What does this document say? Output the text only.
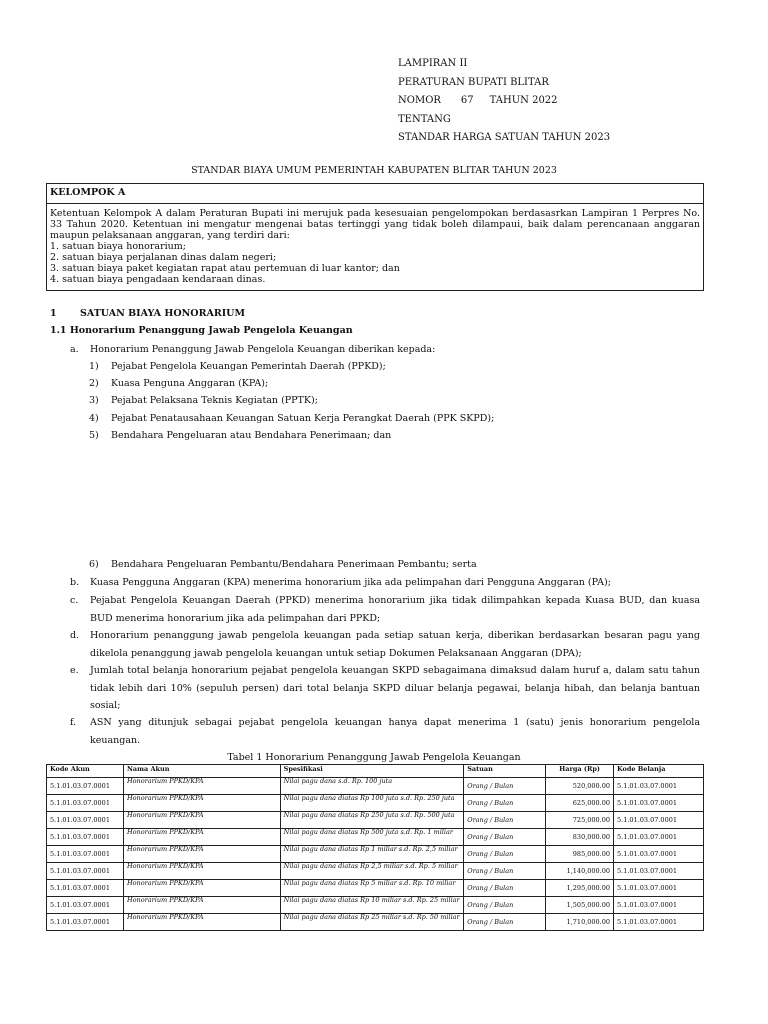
LAMPIRAN II
PERATURAN BUPATI BLITAR
NOMOR 67 TAHUN 2022
TENTANG
STANDAR HARGA SATUAN TAHUN 2023
STANDAR BIAYA UMUM PEMERINTAH KABUPATEN BLITAR TAHUN 2023
KELOMPOK A

Ketentuan Kelompok A dalam Peraturan Bupati ini merujuk pada kesesuaian pengelompokan berdasasrkan Lampiran 1 Perpres No. 33 Tahun 2020. Ketentuan ini mengatur mengenai batas tertinggi yang tidak boleh dilampaui, baik dalam perencanaan anggaran maupun pelaksanaan anggaran, yang terdiri dari:

1. satuan biaya honorarium;

2. satuan biaya perjalanan dinas dalam negeri;

3. satuan biaya paket kegiatan rapat atau pertemuan di luar kantor; dan

4. satuan biaya pengadaan kendaraan dinas.

1 SATUAN BIAYA HONORARIUM
1.1 Honorarium Penanggung Jawab Pengelola Keuangan
a. Honorarium Penanggung Jawab Pengelola Keuangan diberikan kepada:
1) Pejabat Pengelola Keuangan Pemerintah Daerah (PPKD);
2) Kuasa Penguna Anggaran (KPA);
3) Pejabat Pelaksana Teknis Kegiatan (PPTK);
4) Pejabat Penatausahaan Keuangan Satuan Kerja Perangkat Daerah (PPK SKPD);
5) Bendahara Pengeluaran atau Bendahara Penerimaan; dan
6) Bendahara Pengeluaran Pembantu/Bendahara Penerimaan Pembantu; serta
b. Kuasa Pengguna Anggaran (KPA) menerima honorarium jika ada pelimpahan dari Pengguna Anggaran (PA);
c. Pejabat Pengelola Keuangan Daerah (PPKD) menerima honorarium jika tidak dilimpahkan kepada Kuasa BUD, dan kuasa BUD menerima honorarium jika ada pelimpahan dari PPKD;
d. Honorarium penanggung jawab pengelola keuangan pada setiap satuan kerja, diberikan berdasarkan besaran pagu yang dikelola penanggung jawab pengelola keuangan untuk setiap Dokumen Pelaksanaan Anggaran (DPA);
e. Jumlah total belanja honorarium pejabat pengelola keuangan SKPD sebagaimana dimaksud dalam huruf a, dalam satu tahun tidak lebih dari 10% (sepuluh persen) dari total belanja SKPD diluar belanja pegawai, belanja hibah, dan belanja bantuan sosial;
f. ASN yang ditunjuk sebagai pejabat pengelola keuangan hanya dapat menerima 1 (satu) jenis honorarium pengelola keuangan.
Tabel 1 Honorarium Penanggung Jawab Pengelola Keuangan
Kode Akun	Nama Akun	Spesifikasi	Satuan	Harga (Rp)	Kode Belanja
5.1.01.03.07.0001	Honorarium PPKD/KPA	Nilai pagu dana s.d. Rp. 100 juta	Orang / Bulan	520,000.00	5.1.01.03.07.0001
5.1.01.03.07.0001	Honorarium PPKD/KPA	Nilai pagu dana diatas Rp 100 juta s.d. Rp. 250 juta	Orang / Bulan	625,000.00	5.1.01.03.07.0001
5.1.01.03.07.0001	Honorarium PPKD/KPA	Nilai pagu dana diatas Rp 250 juta s.d. Rp. 500 juta	Orang / Bulan	725,000.00	5.1.01.03.07.0001
5.1.01.03.07.0001	Honorarium PPKD/KPA	Nilai pagu dana diatas Rp 500 juta s.d. Rp. 1 miliar	Orang / Bulan	830,000.00	5.1.01.03.07.0001
5.1.01.03.07.0001	Honorarium PPKD/KPA	Nilai pagu dana diatas Rp 1 miliar s.d. Rp. 2,5 miliar	Orang / Bulan	985,000.00	5.1.01.03.07.0001
5.1.01.03.07.0001	Honorarium PPKD/KPA	Nilai pagu dana diatas Rp 2,5 miliar s.d. Rp. 5 miliar	Orang / Bulan	1,140,000.00	5.1.01.03.07.0001
5.1.01.03.07.0001	Honorarium PPKD/KPA	Nilai pagu dana diatas Rp 5 miliar s.d. Rp. 10 miliar	Orang / Bulan	1,295,000.00	5.1.01.03.07.0001
5.1.01.03.07.0001	Honorarium PPKD/KPA	Nilai pagu dana diatas Rp 10 miliar s.d. Rp. 25 miliar	Orang / Bulan	1,505,000.00	5.1.01.03.07.0001
5.1.01.03.07.0001	Honorarium PPKD/KPA	Nilai pagu dana diatas Rp 25 miliar s.d. Rp. 50 miliar	Orang / Bulan	1,710,000.00	5.1.01.03.07.0001
